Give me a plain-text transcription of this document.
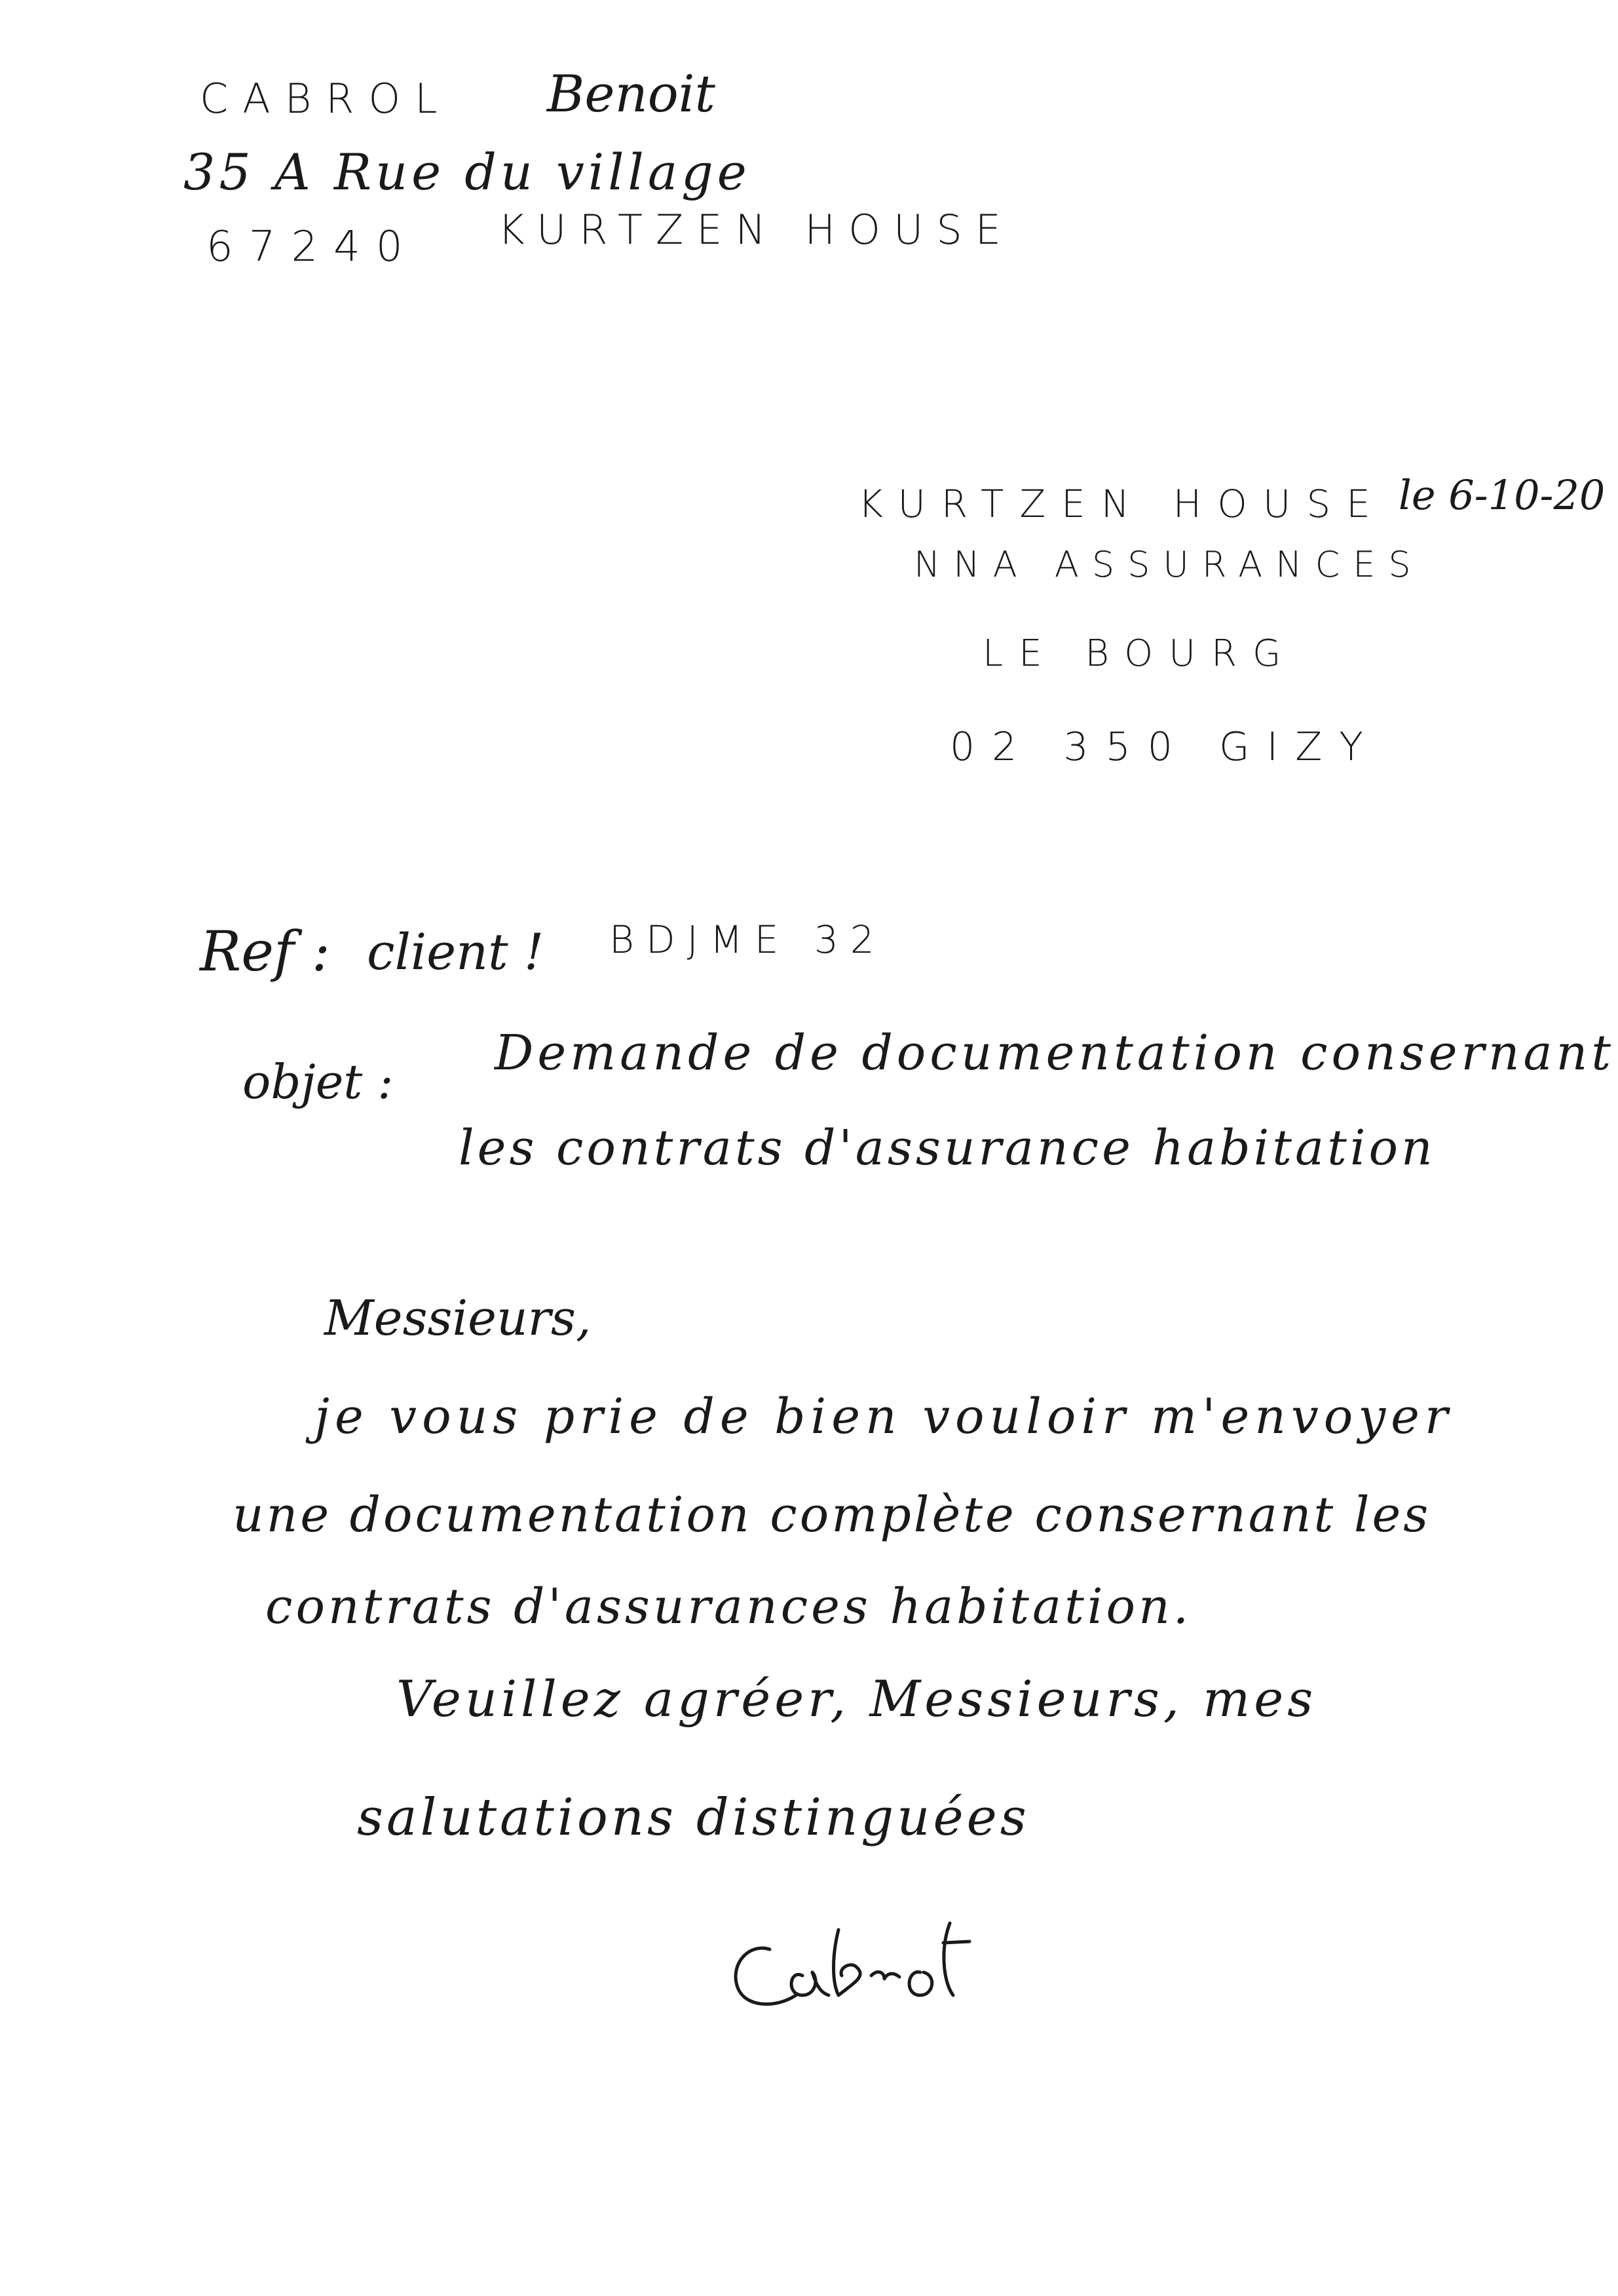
CABROL Benoit
35 A Rue du village
67240 KURTZEN HOUSE
KURTZEN HOUSE le 6-10-20
NNA ASSURANCES
LE BOURG
02 350 GIZY
Ref : client ! BDJME 32
objet :
Demande de documentation consernant
les contrats d'assurance habitation
Messieurs,
je vous prie de bien vouloir m'envoyer
une documentation complète consernant les
contrats d'assurances habitation.
Veuillez agréer, Messieurs, mes
salutations distinguées
